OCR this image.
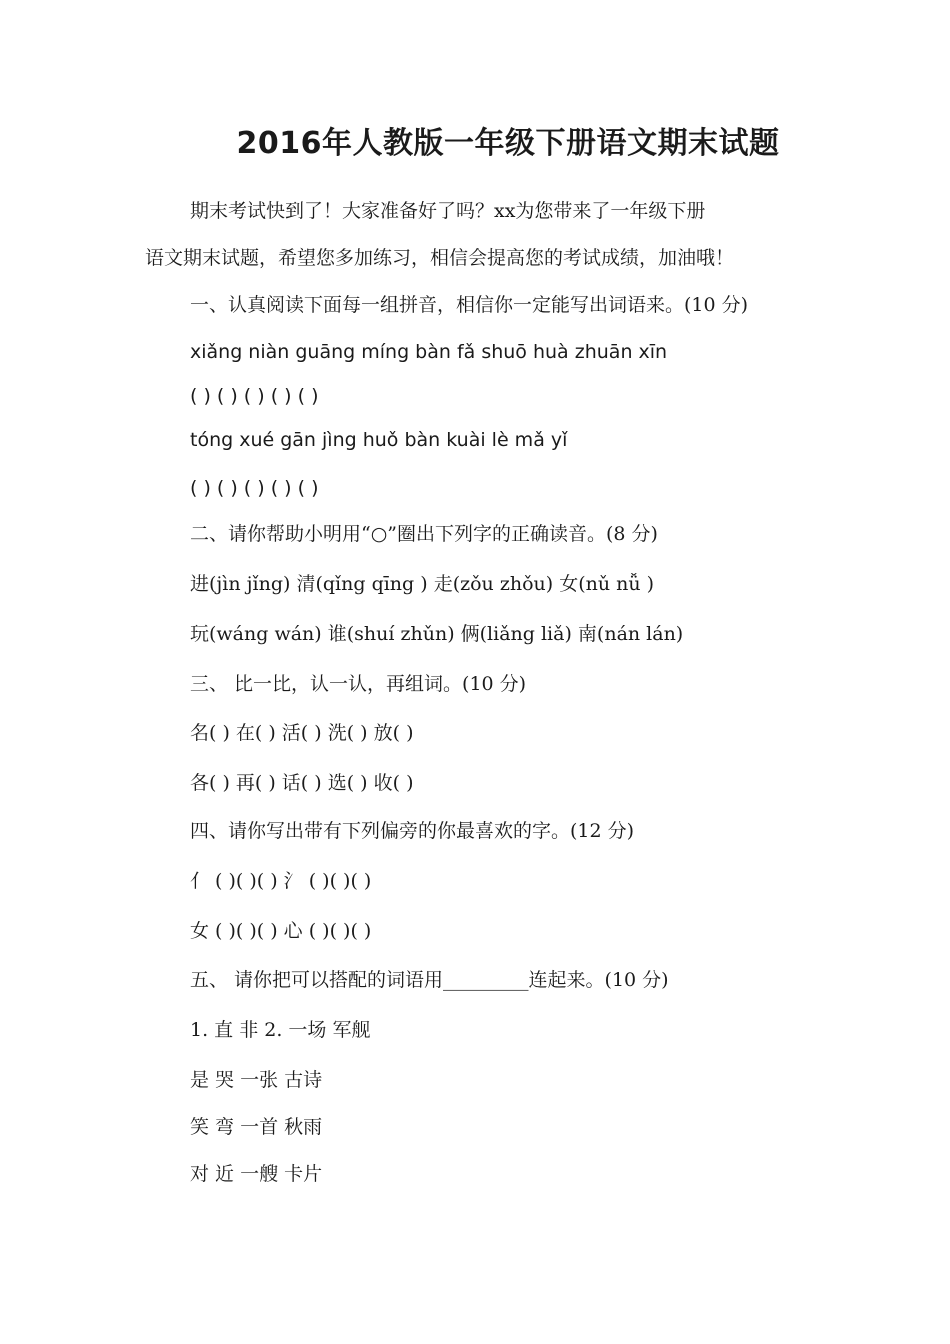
2016年人教版一年级下册语文期末试题
期末考试快到了！大家准备好了吗？xx为您带来了一年级下册
语文期末试题，希望您多加练习，相信会提高您的考试成绩，加油哦！
一、认真阅读下面每一组拼音，相信你一定能写出词语来。(10 分)
xiǎng niàn guāng míng bàn fǎ shuō huà zhuān xīn
( ) ( ) ( ) ( ) ( )
tóng xué gān jìng huǒ bàn kuài lè mǎ yǐ
( ) ( ) ( ) ( ) ( )
二、请你帮助小明用“○”圈出下列字的正确读音。(8 分)
进(jìn jǐng) 清(qǐng qīng ) 走(zǒu zhǒu) 女(nǔ nǚ )
玩(wáng wán) 谁(shuí zhǔn) 俩(liǎng liǎ) 南(nán lán)
三、 比一比，认一认，再组词。(10 分)
名( ) 在( ) 活( ) 洗( ) 放( )
各( ) 再( ) 话( ) 选( ) 收( )
四、请你写出带有下列偏旁的你最喜欢的字。(12 分)
亻 ( )( )( ) 氵 ( )( )( )
女 ( )( )( ) 心 ( )( )( )
五、 请你把可以搭配的词语用_________连起来。(10 分)
1. 直 非 2. 一场 军舰
是 哭 一张 古诗
笑 弯 一首 秋雨
对 近 一艘 卡片
